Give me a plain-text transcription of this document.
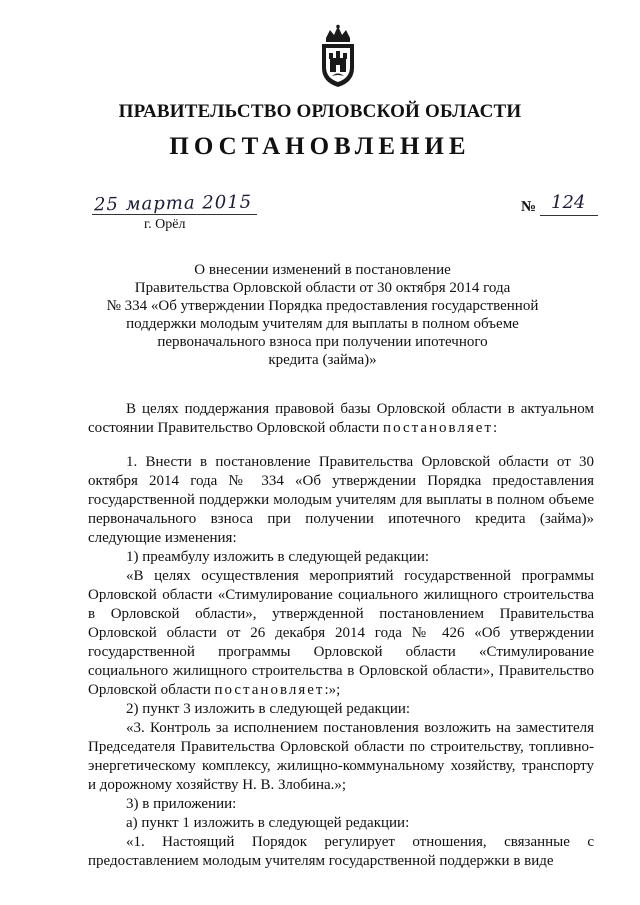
ПРАВИТЕЛЬСТВО ОРЛОВСКОЙ ОБЛАСТИ
ПОСТАНОВЛЕНИЕ
25 марта 2015
г. Орёл
№ 124
О внесении изменений в постановление
Правительства Орловской области от 30 октября 2014 года
№ 334 «Об утверждении Порядка предоставления государственной
поддержки молодым учителям для выплаты в полном объеме
первоначального взноса при получении ипотечного
кредита (займа)»

В целях поддержания правовой базы Орловской области в актуальном состоянии Правительство Орловской области постановляет:

1. Внести в постановление Правительства Орловской области от 30 октября 2014 года № 334 «Об утверждении Порядка предоставления государственной поддержки молодым учителям для выплаты в полном объеме первоначального взноса при получении ипотечного кредита (займа)» следующие изменения:

1) преамбулу изложить в следующей редакции:

«В целях осуществления мероприятий государственной программы Орловской области «Стимулирование социального жилищного строительства в Орловской области», утвержденной постановлением Правительства Орловской области от 26 декабря 2014 года № 426 «Об утверждении государственной программы Орловской области «Стимулирование социального жилищного строительства в Орловской области», Правительство Орловской области постановляет:»;

2) пункт 3 изложить в следующей редакции:

«3. Контроль за исполнением постановления возложить на заместителя Председателя Правительства Орловской области по строительству, топливно-энергетическому комплексу, жилищно-коммунальному хозяйству, транспорту и дорожному хозяйству Н. В. Злобина.»;

3) в приложении:

а) пункт 1 изложить в следующей редакции:

«1. Настоящий Порядок регулирует отношения, связанные с предоставлением молодым учителям государственной поддержки в виде
